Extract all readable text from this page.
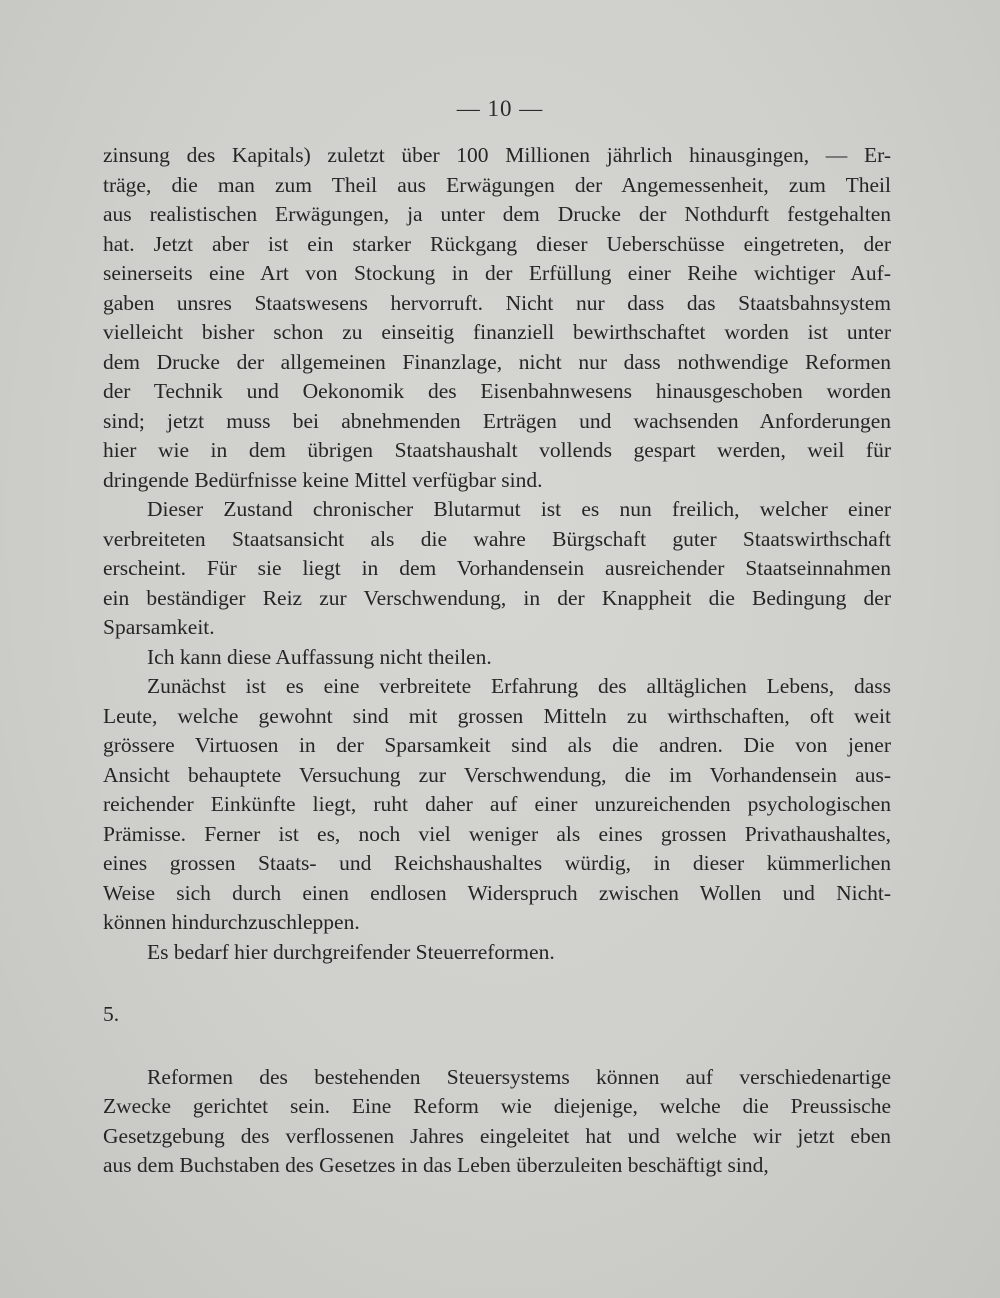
— 10 —
zinsung des Kapitals) zuletzt über 100 Millionen jährlich hinausgingen, — Er-
träge, die man zum Theil aus Erwägungen der Angemessenheit, zum Theil
aus realistischen Erwägungen, ja unter dem Drucke der Nothdurft festgehalten
hat. Jetzt aber ist ein starker Rückgang dieser Ueberschüsse eingetreten, der
seinerseits eine Art von Stockung in der Erfüllung einer Reihe wichtiger Auf-
gaben unsres Staatswesens hervorruft. Nicht nur dass das Staatsbahnsystem
vielleicht bisher schon zu einseitig finanziell bewirthschaftet worden ist unter
dem Drucke der allgemeinen Finanzlage, nicht nur dass nothwendige Reformen
der Technik und Oekonomik des Eisenbahnwesens hinausgeschoben worden
sind; jetzt muss bei abnehmenden Erträgen und wachsenden Anforderungen
hier wie in dem übrigen Staatshaushalt vollends gespart werden, weil für
dringende Bedürfnisse keine Mittel verfügbar sind.
Dieser Zustand chronischer Blutarmut ist es nun freilich, welcher einer
verbreiteten Staatsansicht als die wahre Bürgschaft guter Staatswirthschaft
erscheint. Für sie liegt in dem Vorhandensein ausreichender Staatseinnahmen
ein beständiger Reiz zur Verschwendung, in der Knappheit die Bedingung der
Sparsamkeit.
Ich kann diese Auffassung nicht theilen.
Zunächst ist es eine verbreitete Erfahrung des alltäglichen Lebens, dass
Leute, welche gewohnt sind mit grossen Mitteln zu wirthschaften, oft weit
grössere Virtuosen in der Sparsamkeit sind als die andren. Die von jener
Ansicht behauptete Versuchung zur Verschwendung, die im Vorhandensein aus-
reichender Einkünfte liegt, ruht daher auf einer unzureichenden psychologischen
Prämisse. Ferner ist es, noch viel weniger als eines grossen Privathaushaltes,
eines grossen Staats- und Reichshaushaltes würdig, in dieser kümmerlichen
Weise sich durch einen endlosen Widerspruch zwischen Wollen und Nicht-
können hindurchzuschleppen.
Es bedarf hier durchgreifender Steuerreformen.
5.
Reformen des bestehenden Steuersystems können auf verschiedenartige
Zwecke gerichtet sein. Eine Reform wie diejenige, welche die Preussische
Gesetzgebung des verflossenen Jahres eingeleitet hat und welche wir jetzt eben
aus dem Buchstaben des Gesetzes in das Leben überzuleiten beschäftigt sind,
